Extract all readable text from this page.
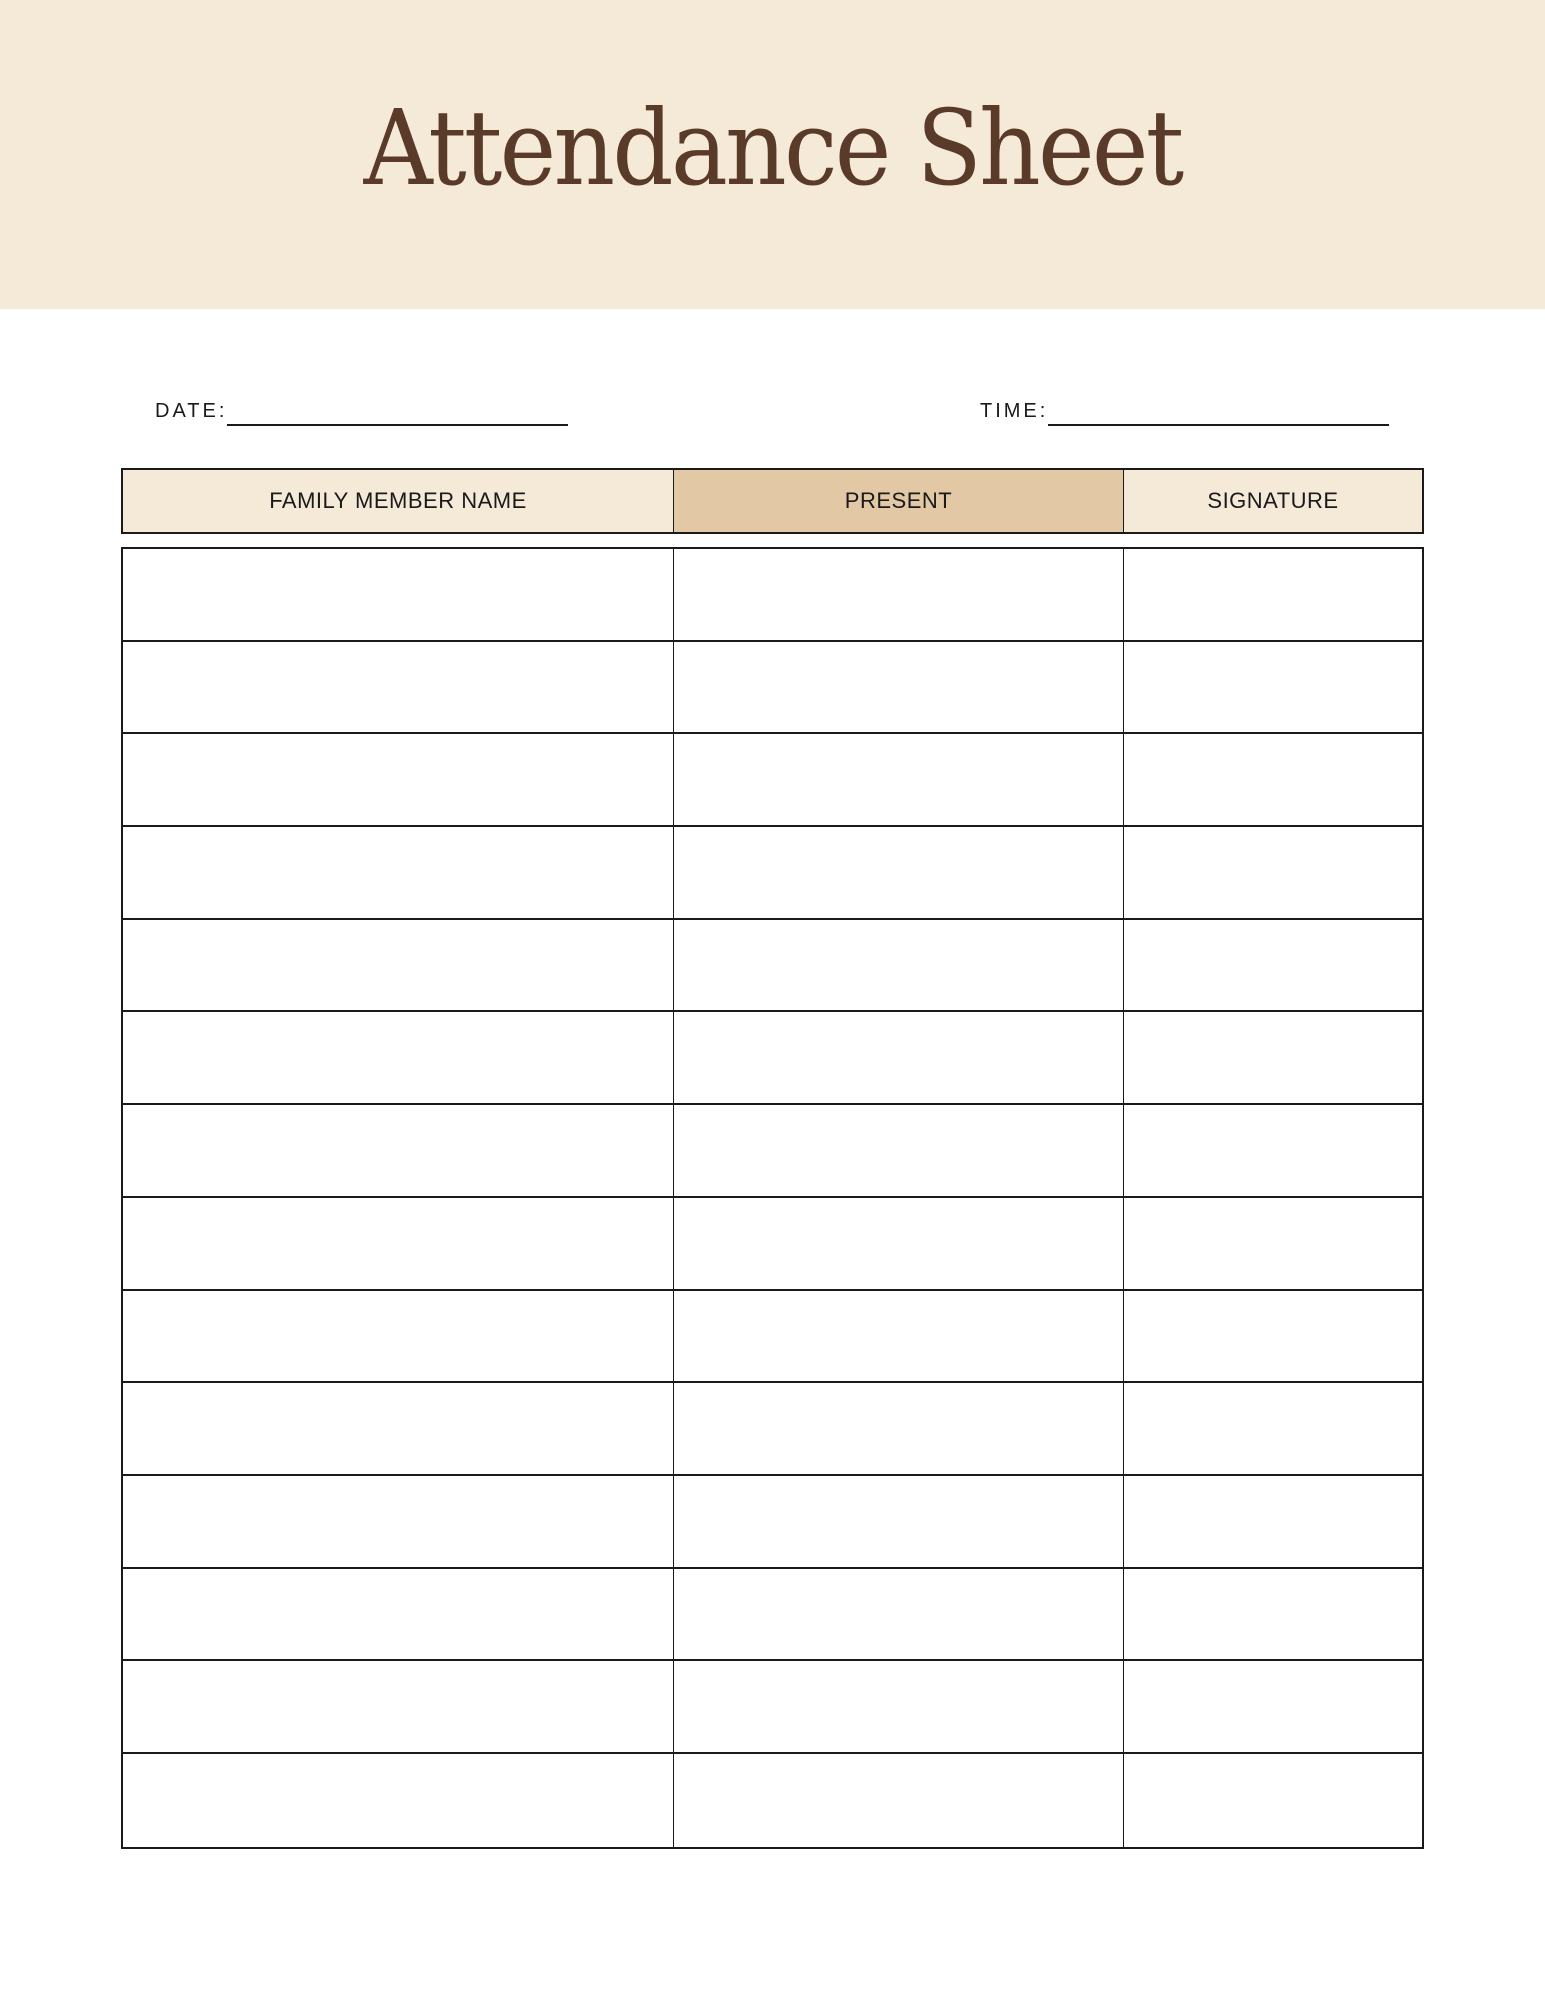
Attendance Sheet
DATE:	TIME:
FAMILY MEMBER NAME	PRESENT	SIGNATURE
